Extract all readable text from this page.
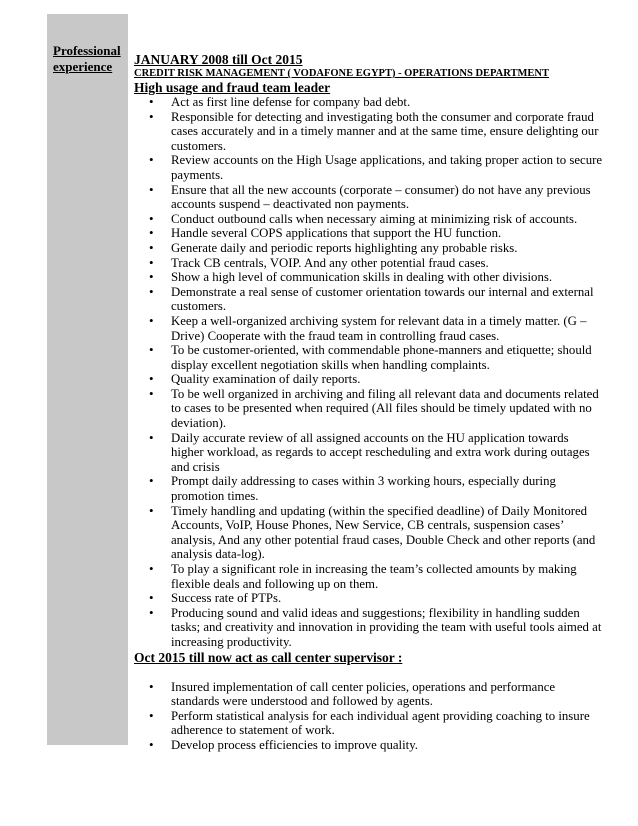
Professional experience	JANUARY 2008 till Oct 2015
CREDIT RISK MANAGEMENT ( VODAFONE EGYPT) - OPERATIONS DEPARTMENT
High usage and fraud team leader
• Act as first line defense for company bad debt.
• Responsible for detecting and investigating both the consumer and corporate fraud cases accurately and in a timely manner and at the same time, ensure delighting our customers.
• Review accounts on the High Usage applications, and taking proper action to secure payments.
• Ensure that all the new accounts (corporate – consumer) do not have any previous accounts suspend – deactivated non payments.
• Conduct outbound calls when necessary aiming at minimizing risk of accounts.
• Handle several COPS applications that support the HU function.
• Generate daily and periodic reports highlighting any probable risks.
• Track CB centrals, VOIP. And any other potential fraud cases.
• Show a high level of communication skills in dealing with other divisions.
• Demonstrate a real sense of customer orientation towards our internal and external customers.
• Keep a well-organized archiving system for relevant data in a timely matter. (G –Drive) Cooperate with the fraud team in controlling fraud cases.
• To be customer-oriented, with commendable phone-manners and etiquette; should display excellent negotiation skills when handling complaints.
• Quality examination of daily reports.
• To be well organized in archiving and filing all relevant data and documents related to cases to be presented when required (All files should be timely updated with no deviation).
• Daily accurate review of all assigned accounts on the HU application towards higher workload, as regards to accept rescheduling and extra work during outages and crisis
• Prompt daily addressing to cases within 3 working hours, especially during promotion times.
• Timely handling and updating (within the specified deadline) of Daily Monitored Accounts, VoIP, House Phones, New Service, CB centrals, suspension cases’ analysis, And any other potential fraud cases, Double Check and other reports (and analysis data-log).
• To play a significant role in increasing the team’s collected amounts by making flexible deals and following up on them.
• Success rate of PTPs.
• Producing sound and valid ideas and suggestions; flexibility in handling sudden tasks; and creativity and innovation in providing the team with useful tools aimed at increasing productivity.
Oct 2015 till now act as call center supervisor :
• Insured implementation of call center policies, operations and performance standards were understood and followed by agents.
• Perform statistical analysis for each individual agent providing coaching to insure adherence to statement of work.
• Develop process efficiencies to improve quality.
